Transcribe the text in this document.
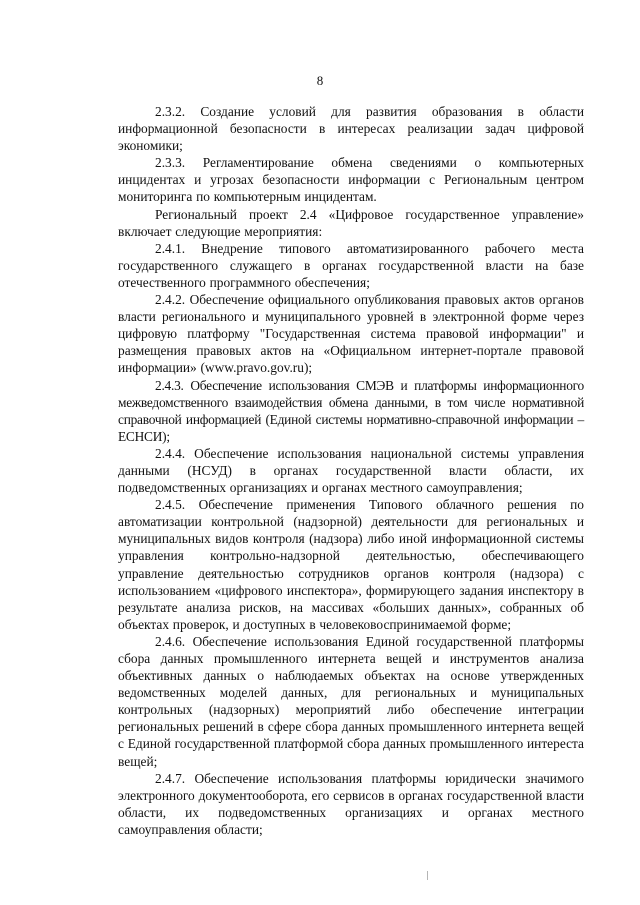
8

2.3.2. Создание условий для развития образования в области информационной безопасности в интересах реализации задач цифровой экономики;

2.3.3. Регламентирование обмена сведениями о компьютерных инцидентах и угрозах безопасности информации с Региональным центром мониторинга по компьютерным инцидентам.

Региональный проект 2.4 «Цифровое государственное управление» включает следующие мероприятия:

2.4.1. Внедрение типового автоматизированного рабочего места государственного служащего в органах государственной власти на базе отечественного программного обеспечения;

2.4.2. Обеспечение официального опубликования правовых актов органов власти регионального и муниципального уровней в электронной форме через цифровую платформу "Государственная система правовой информации" и размещения правовых актов на «Официальном интернет-портале правовой информации» (www.pravo.gov.ru);

2.4.3. Обеспечение использования СМЭВ и платформы информационного межведомственного взаимодействия обмена данными, в том числе нормативной справочной информацией (Единой системы нормативно-справочной информации – ЕСНСИ);

2.4.4. Обеспечение использования национальной системы управления данными (НСУД) в органах государственной власти области, их подведомственных организациях и органах местного самоуправления;

2.4.5. Обеспечение применения Типового облачного решения по автоматизации контрольной (надзорной) деятельности для региональных и муниципальных видов контроля (надзора) либо иной информационной системы управления контрольно-надзорной деятельностью, обеспечивающего управление деятельностью сотрудников органов контроля (надзора) с использованием «цифрового инспектора», формирующего задания инспектору в результате анализа рисков, на массивах «больших данных», собранных об объектах проверок, и доступных в человековоспринимаемой форме;

2.4.6. Обеспечение использования Единой государственной платформы сбора данных промышленного интернета вещей и инструментов анализа объективных данных о наблюдаемых объектах на основе утвержденных ведомственных моделей данных, для региональных и муниципальных контрольных (надзорных) мероприятий либо обеспечение интеграции региональных решений в сфере сбора данных промышленного интернета вещей с Единой государственной платформой сбора данных промышленного интереста вещей;

2.4.7. Обеспечение использования платформы юридически значимого электронного документооборота, его сервисов в органах государственной власти области, их подведомственных организациях и органах местного самоуправления области;
